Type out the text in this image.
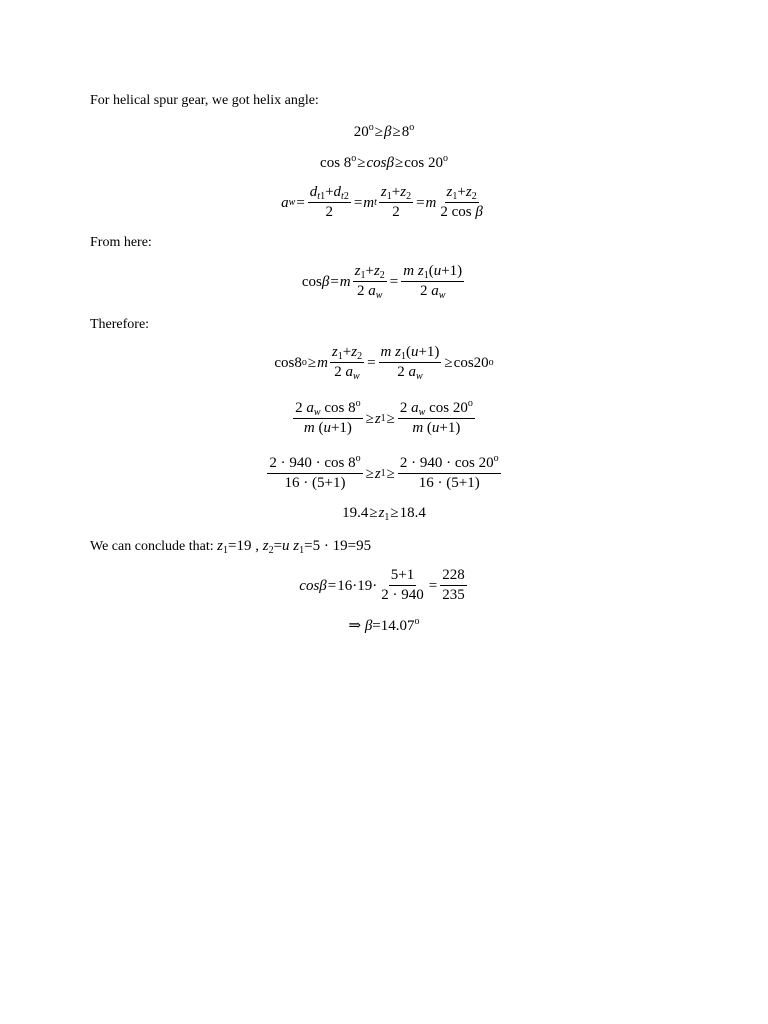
For helical spur gear, we got helix angle:
$20^o\ge\beta\ge 8^o$
$\cos 8^o\ge\cos\beta\ge\cos$ 20$^o$
a $w = \frac{d_{t1}+d_{t2}}{2} = m$ t $\frac{z_1+z_2}{2} = m \frac{z_1+z_2}{\text{2 cos β}}$
From here:
cos β = m $\frac{z_1+z_2}{2 a_w} = \frac{m z_1(u+1)}{2 a_w}$
Therefore:
cos 8 o ≥ m $\frac{z_1+z_2}{2 a_w} = \frac{m z_1(u+1)}{2 a_w} \ge \cos 20$ o
$\frac{2 a_w \cos 8^o}{m (u+1)} \ge z$ $1 \ge \frac{2 a_w \cos 20^o}{m (u+1)}$
$\frac{2 \cdot 940 \cdot \cos 8^o}{16 \cdot (5+1)} \ge z$ $1 \ge \frac{2 \cdot 940 \cdot \cos 20^o}{16 \cdot (5+1)}$
$19.4\ge z_1\ge 18.4$
We can conclude that: $z_1=19$ , $z_2=u$ $z_1=5 \cdot 19=95$
$\cos\beta = 16 \cdot 19 \cdot \frac{5+1}{2 \cdot 940} = \frac{228}{235}$
⇒ $\beta=14.07^o$
